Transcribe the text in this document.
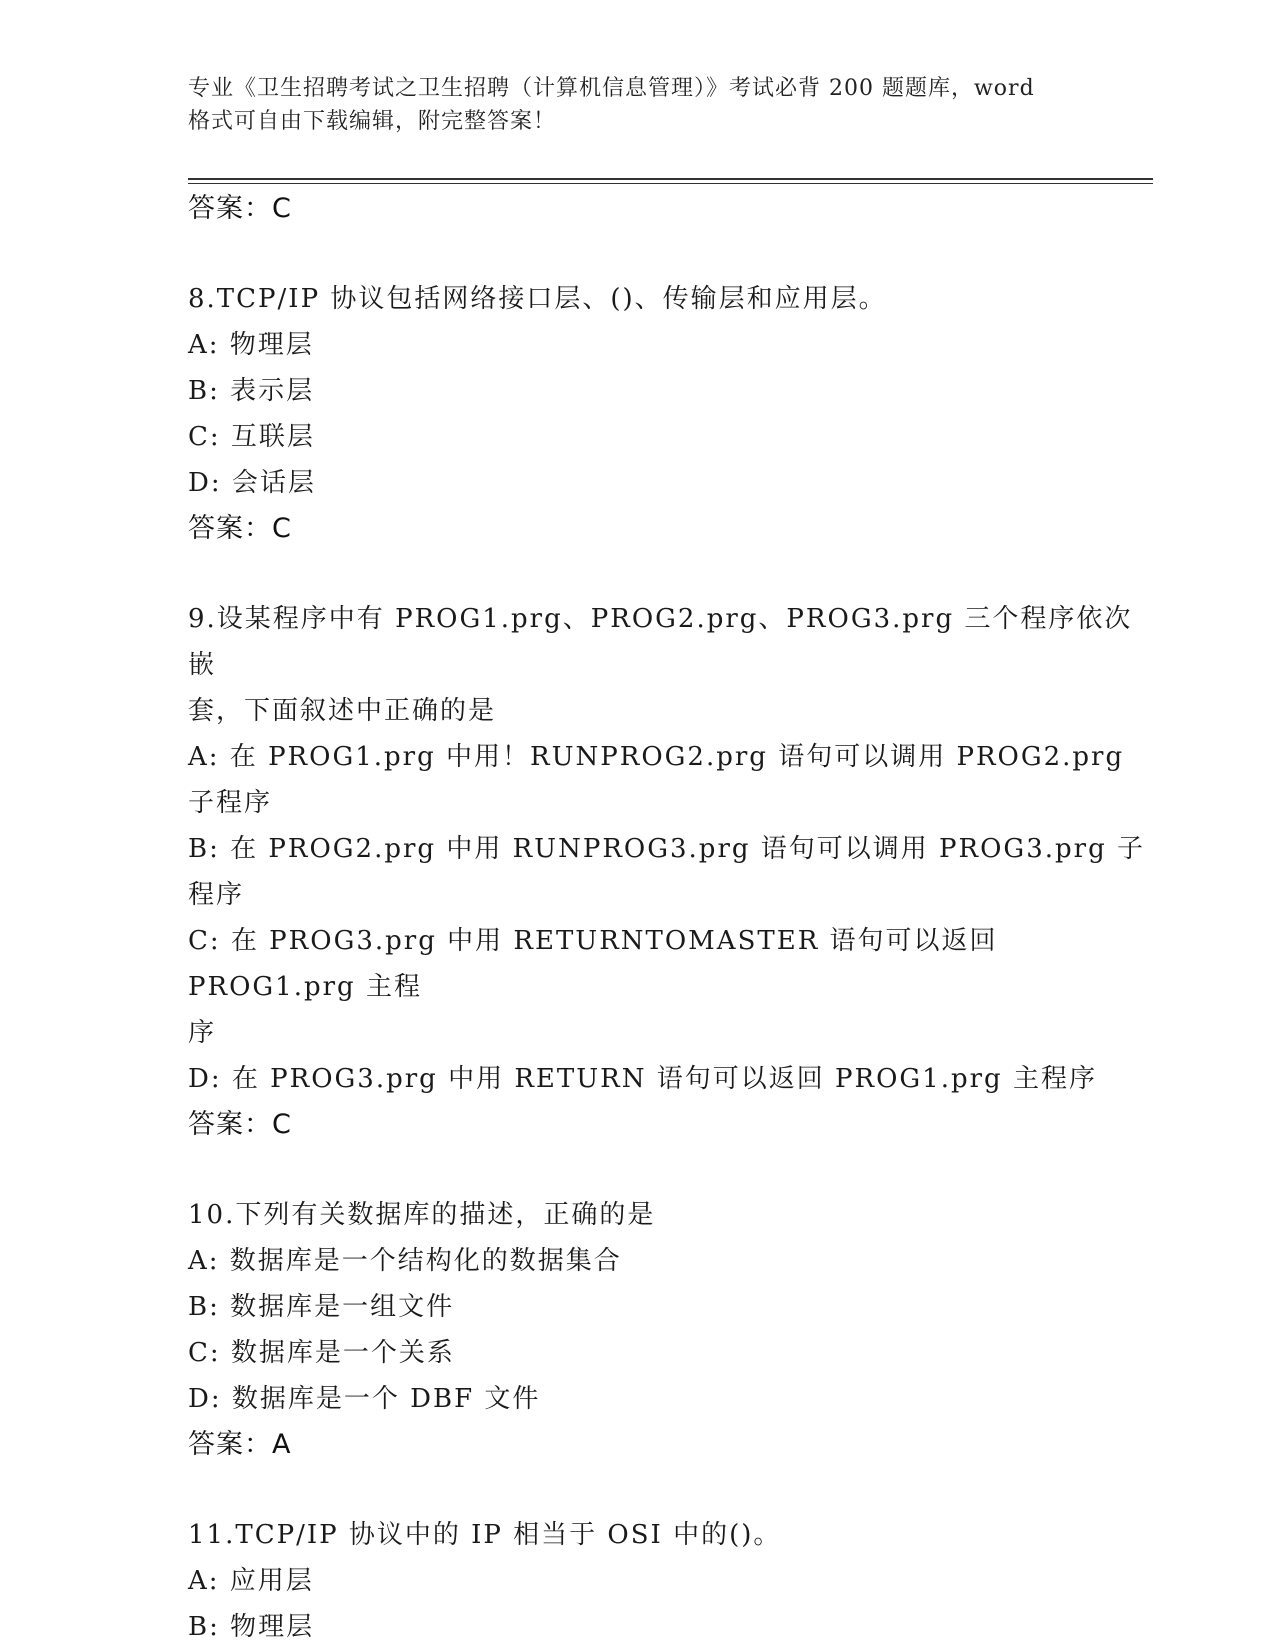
专业《卫生招聘考试之卫生招聘（计算机信息管理）》考试必背 200 题题库，word
格式可自由下载编辑，附完整答案！
答案：C
8.TCP/IP 协议包括网络接口层、()、传输层和应用层。
A: 物理层
B: 表示层
C: 互联层
D: 会话层
答案：C
9.设某程序中有 PROG1.prg、PROG2.prg、PROG3.prg 三个程序依次嵌
套，下面叙述中正确的是
A: 在 PROG1.prg 中用！RUNPROG2.prg 语句可以调用 PROG2.prg 子程序
B: 在 PROG2.prg 中用 RUNPROG3.prg 语句可以调用 PROG3.prg 子程序
C: 在 PROG3.prg 中用 RETURNTOMASTER 语句可以返回 PROG1.prg 主程
序
D: 在 PROG3.prg 中用 RETURN 语句可以返回 PROG1.prg 主程序
答案：C
10.下列有关数据库的描述，正确的是
A: 数据库是一个结构化的数据集合
B: 数据库是一组文件
C: 数据库是一个关系
D: 数据库是一个 DBF 文件
答案：A
11.TCP/IP 协议中的 IP 相当于 OSI 中的()。
A: 应用层
B: 物理层
